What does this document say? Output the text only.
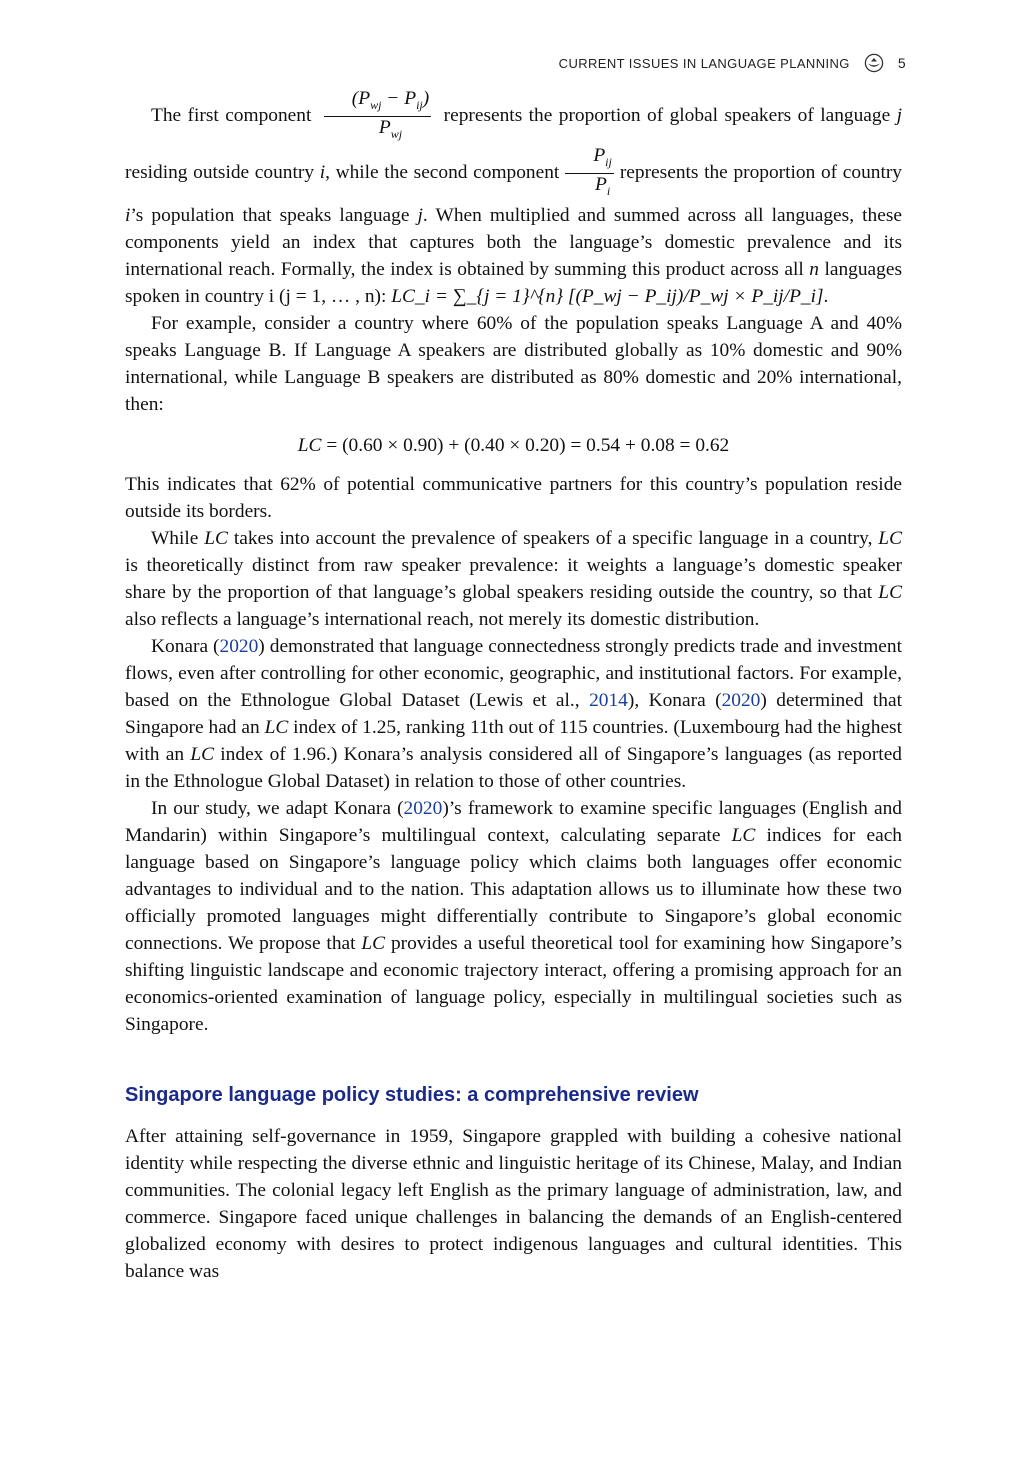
CURRENT ISSUES IN LANGUAGE PLANNING	5

The first component $\frac{(P_{wj} - P_{ij})}{P_{wj}}$ represents the proportion of global speakers of language j residing outside country i, while the second component $\frac{P_{ij}}{P_i}$ represents the proportion of country i’s population that speaks language j. When multiplied and summed across all languages, these components yield an index that captures both the language’s domestic prevalence and its international reach. Formally, the index is obtained by summing this product across all n languages spoken in country i (j = 1, … , n): LC_i = ∑_{j = 1}^{n} [(P_wj − P_ij)/P_wj × P_ij/P_i].

For example, consider a country where 60% of the population speaks Language A and 40% speaks Language B. If Language A speakers are distributed globally as 10% domestic and 90% international, while Language B speakers are distributed as 80% domestic and 20% international, then:

LC = (0.60 × 0.90) + (0.40 × 0.20) = 0.54 + 0.08 = 0.62

This indicates that 62% of potential communicative partners for this country’s population reside outside its borders.

While LC takes into account the prevalence of speakers of a specific language in a country, LC is theoretically distinct from raw speaker prevalence: it weights a language’s domestic speaker share by the proportion of that language’s global speakers residing outside the country, so that LC also reflects a language’s international reach, not merely its domestic distribution.

Konara (2020) demonstrated that language connectedness strongly predicts trade and investment flows, even after controlling for other economic, geographic, and institutional factors. For example, based on the Ethnologue Global Dataset (Lewis et al., 2014), Konara (2020) determined that Singapore had an LC index of 1.25, ranking 11th out of 115 countries. (Luxembourg had the highest with an LC index of 1.96.) Konara’s analysis considered all of Singapore’s languages (as reported in the Ethnologue Global Dataset) in relation to those of other countries.

In our study, we adapt Konara (2020)’s framework to examine specific languages (English and Mandarin) within Singapore’s multilingual context, calculating separate LC indices for each language based on Singapore’s language policy which claims both languages offer economic advantages to individual and to the nation. This adaptation allows us to illuminate how these two officially promoted languages might differentially contribute to Singapore’s global economic connections. We propose that LC provides a useful theoretical tool for examining how Singapore’s shifting linguistic landscape and economic trajectory interact, offering a promising approach for an economics-oriented examination of language policy, especially in multilingual societies such as Singapore.

Singapore language policy studies: a comprehensive review

After attaining self-governance in 1959, Singapore grappled with building a cohesive national identity while respecting the diverse ethnic and linguistic heritage of its Chinese, Malay, and Indian communities. The colonial legacy left English as the primary language of administration, law, and commerce. Singapore faced unique challenges in balancing the demands of an English-centered globalized economy with desires to protect indigenous languages and cultural identities. This balance was
